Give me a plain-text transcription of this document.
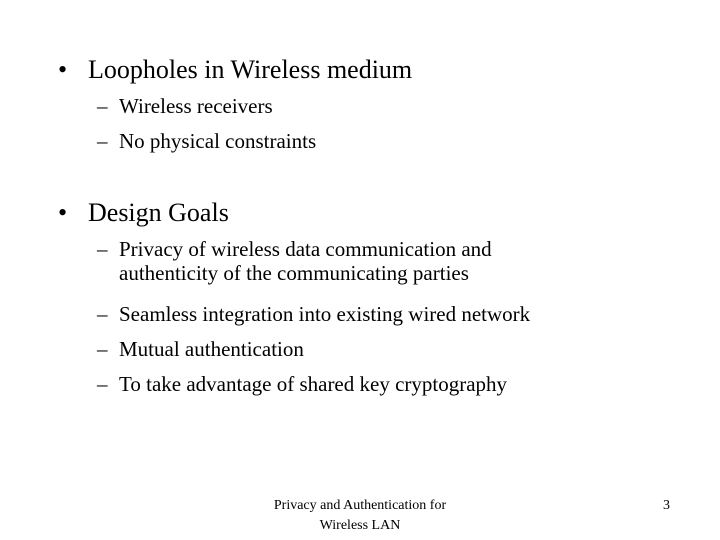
• Loopholes in Wireless medium
– Wireless receivers
– No physical constraints
• Design Goals
– Privacy of wireless data communication and
authenticity of the communicating parties
– Seamless integration into existing wired network
– Mutual authentication
– To take advantage of shared key cryptography
Privacy and Authentication for
Wireless LAN
3
